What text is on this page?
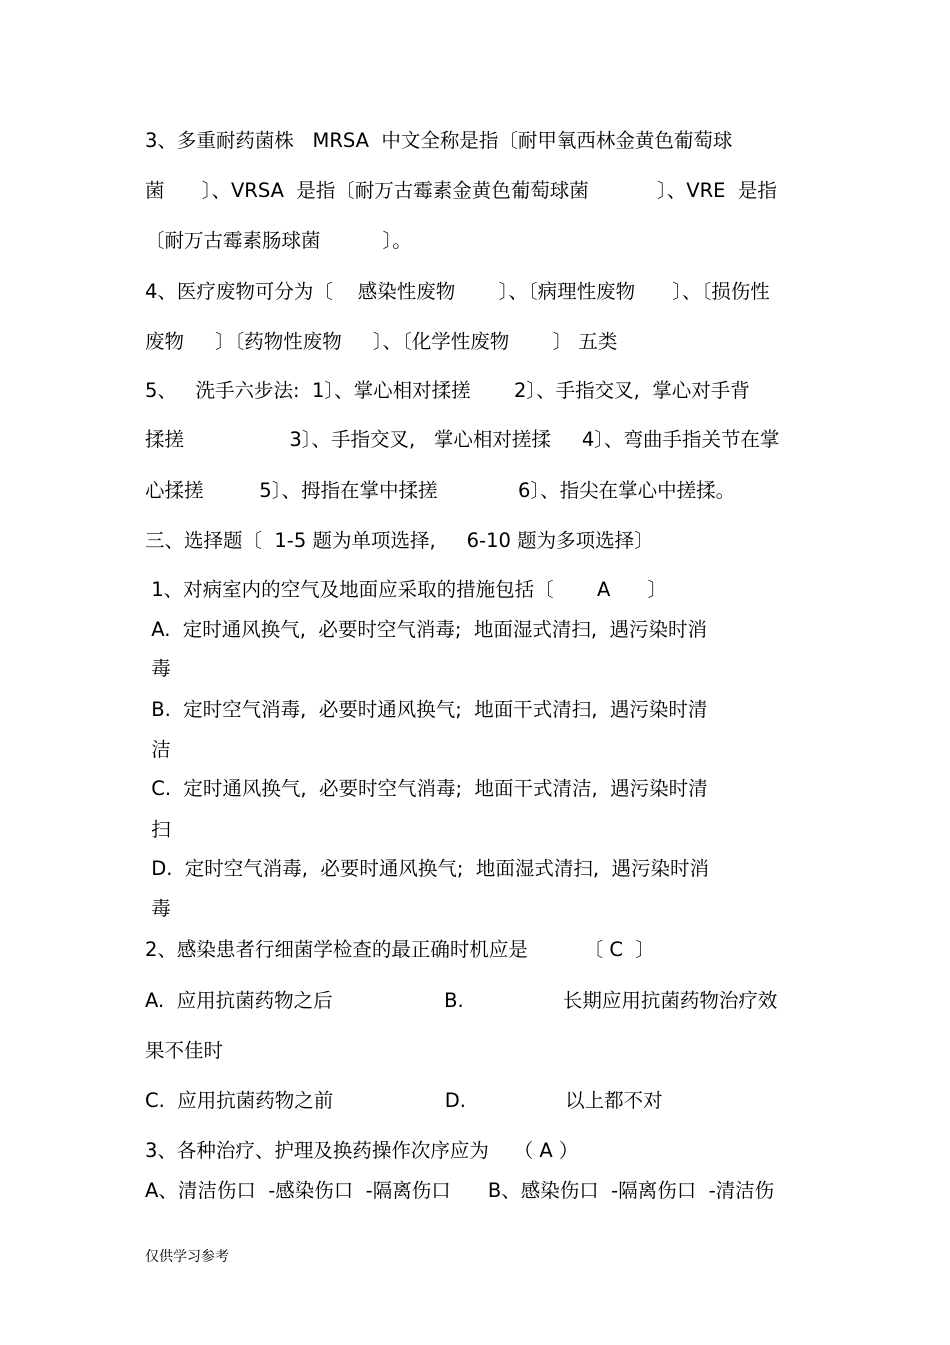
3、多重耐药菌株   MRSA  中文全称是指〔耐甲氧西林金黄色葡萄球
菌      〕、VRSA  是指〔耐万古霉素金黄色葡萄球菌           〕、VRE  是指
〔耐万古霉素肠球菌          〕。
4、医疗废物可分为〔    感染性废物       〕、〔病理性废物      〕、〔损伤性
废物     〕〔药物性废物     〕、〔化学性废物       〕 五类
5、   洗手六步法:  1〕、掌心相对揉搓       2〕、手指交叉,  掌心对手背
揉搓                 3〕、手指交叉,   掌心相对搓揉     4〕、弯曲手指关节在掌
心揉搓         5〕、拇指在掌中揉搓             6〕、指尖在掌心中搓揉。
三、选择题〔  1-5 题为单项选择,     6-10 题为多项选择〕
1、对病室内的空气及地面应采取的措施包括〔       A      〕
A.  定时通风换气,  必要时空气消毒;  地面湿式清扫,  遇污染时消
毒
B.  定时空气消毒,  必要时通风换气;  地面干式清扫,  遇污染时清
洁
C.  定时通风换气,  必要时空气消毒;  地面干式清洁,  遇污染时清
扫
D.  定时空气消毒,  必要时通风换气;  地面湿式清扫,  遇污染时消
毒
2、感染患者行细菌学检查的最正确时机应是         〔 C  〕
A.  应用抗菌药物之后                  B.                长期应用抗菌药物治疗效
果不佳时
C.  应用抗菌药物之前                  D.                以上都不对
3、各种治疗、护理及换药操作次序应为    （ A ）
A、清洁伤口  -感染伤口  -隔离伤口      B、感染伤口  -隔离伤口  -清洁伤
仅供学习参考
